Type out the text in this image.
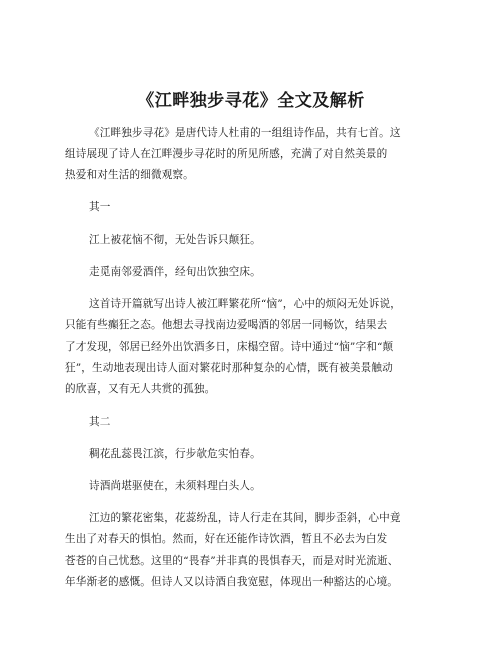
《江畔独步寻花》全文及解析
《江畔独步寻花》是唐代诗人杜甫的一组组诗作品，共有七首。这
组诗展现了诗人在江畔漫步寻花时的所见所感，充满了对自然美景的
热爱和对生活的细微观察。
其一
江上被花恼不彻，无处告诉只颠狂。
走觅南邻爱酒伴，经旬出饮独空床。
这首诗开篇就写出诗人被江畔繁花所“恼”，心中的烦闷无处诉说，
只能有些癫狂之态。他想去寻找南边爱喝酒的邻居一同畅饮，结果去
了才发现，邻居已经外出饮酒多日，床榻空留。诗中通过“恼”字和“颠
狂”，生动地表现出诗人面对繁花时那种复杂的心情，既有被美景触动
的欣喜，又有无人共赏的孤独。
其二
稠花乱蕊畏江滨，行步欹危实怕春。
诗酒尚堪驱使在，未须料理白头人。
江边的繁花密集，花蕊纷乱，诗人行走在其间，脚步歪斜，心中竟
生出了对春天的惧怕。然而，好在还能作诗饮酒，暂且不必去为白发
苍苍的自己忧愁。这里的“畏春”并非真的畏惧春天，而是对时光流逝、
年华渐老的感慨。但诗人又以诗酒自我宽慰，体现出一种豁达的心境。
